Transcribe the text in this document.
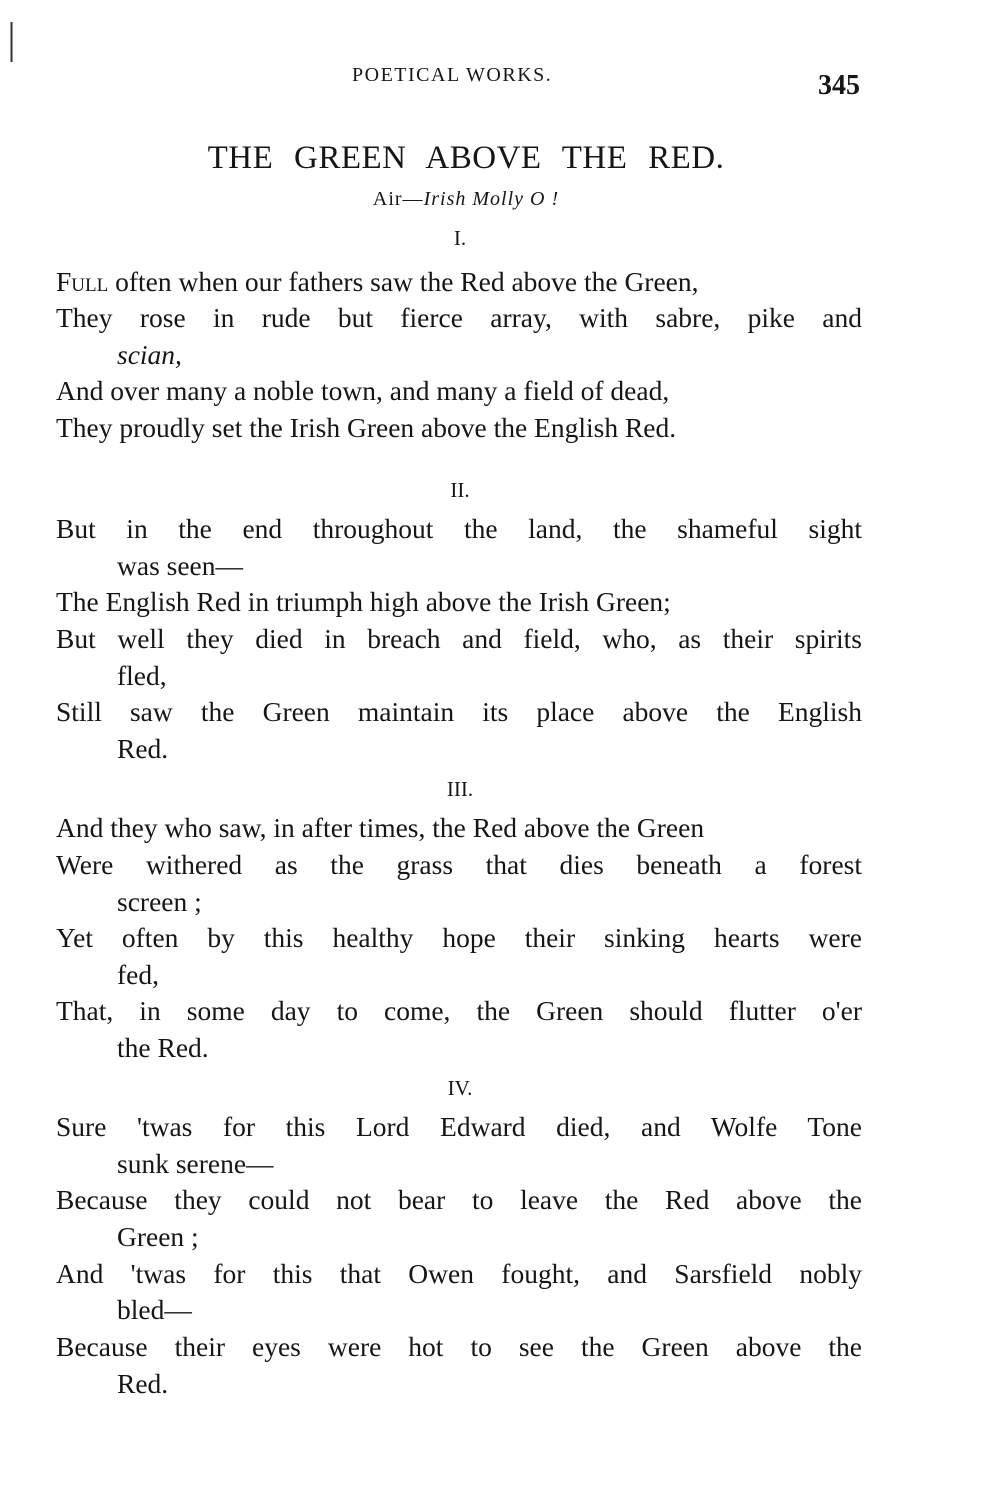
POETICAL WORKS.	345
THE GREEN ABOVE THE RED.
Air—Irish Molly O !
I.
Full often when our fathers saw the Red above the Green,
They rose in rude but fierce array, with sabre, pike and
scian,
And over many a noble town, and many a field of dead,
They proudly set the Irish Green above the English Red.
II.
But in the end throughout the land, the shameful sight
was seen—
The English Red in triumph high above the Irish Green;
But well they died in breach and field, who, as their spirits
fled,
Still saw the Green maintain its place above the English
Red.
III.
And they who saw, in after times, the Red above the Green
Were withered as the grass that dies beneath a forest
screen ;
Yet often by this healthy hope their sinking hearts were
fed,
That, in some day to come, the Green should flutter o'er
the Red.
IV.
Sure 'twas for this Lord Edward died, and Wolfe Tone
sunk serene—
Because they could not bear to leave the Red above the
Green ;
And 'twas for this that Owen fought, and Sarsfield nobly
bled—
Because their eyes were hot to see the Green above the
Red.
